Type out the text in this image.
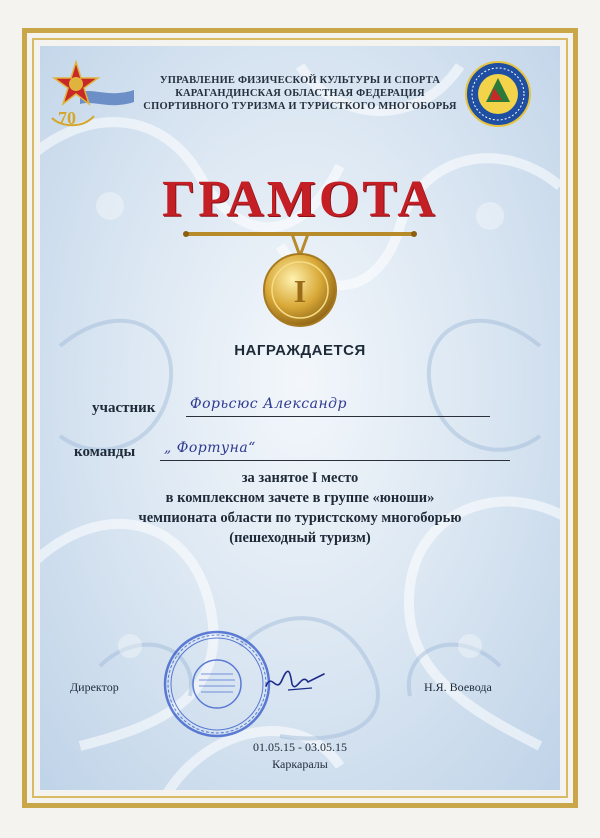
70
УПРАВЛЕНИЕ ФИЗИЧЕСКОЙ КУЛЬТУРЫ И СПОРТА
КАРАГАНДИНСКАЯ ОБЛАСТНАЯ ФЕДЕРАЦИЯ
СПОРТИВНОГО ТУРИЗМА И ТУРИСТКОГО МНОГОБОРЬЯ
ГРАМОТА
I
НАГРАЖДАЕТСЯ
участник Форьсюс Александр
команды „ Фортуна“
за занятое I место
в комплексном зачете в группе «юноши»
чемпионата области по туристскому многоборью
(пешеходный туризм)
Директор	Н.Я. Воевода
01.05.15 - 03.05.15
Каркаралы
